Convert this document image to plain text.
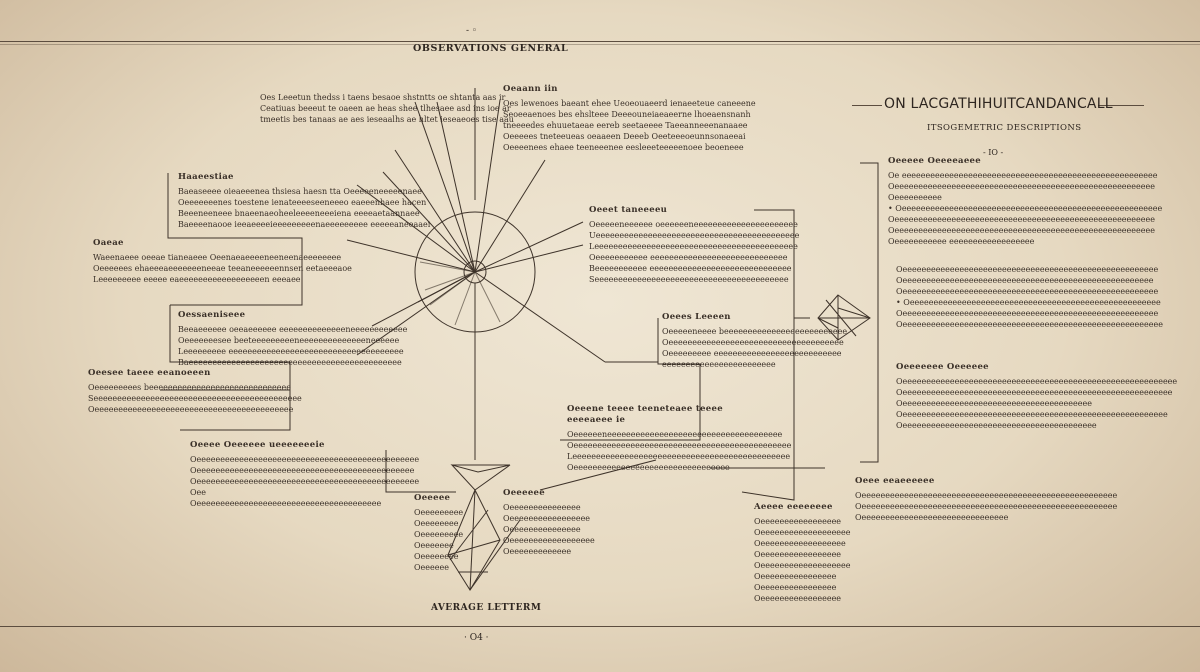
- ◦
OBSERVATIONS GENERAL
ON LACGATHIHUITCANDANCALL
ITSOGEMETRIC DESCRIPTIONS
- IO -
AVERAGE LETTERM
· O4 ·
Oes Leeetun thedss i taens besaoe shstntts oe shtanta aas ir
Ceatiuas beeeut te oaeen ae heas shee tlhesaee asd ins ioe ar
tmeetis bes tanaas ae aes ieseaalhs ae hltet ieseaeoes tise aau
Oeaann iin
Oes lewenoes baeant ehee Ueoeouaeerd ienaeeteue caneeene
Seoeeaenoes bes ehslteee Deeeouneiaeaeerne lhoeaensnanh
tneeeedes ehuuetaeae eereb seetaeeee Taeeanneeenanaaee
Oeeeees tneteeueas oeaaeen Deeeb Oeeteeeoeunnsonaeeai
Oeeeenees ehaee teeneeenee eesleeeteeeeenoee beoeneee
Haaeestiae
Baeaseeee oieaeeenea thsiesa haesn tta Oeeeeeneeeeenaee
Oeeeeeeenes toestene ienateeeeseeneeeo eaeeenhaee hacen
Beeeneeneee bnaeenaeoheeleeeeneeeiena eeeeaetaannaee
Baeeeenaooe ieeaeeeeieeeeeeeeenaeeeeeeeee eeeeeaneeaaei
Oaeae
Waeenaeee oeeae tianeaeee Oeenaeaeeeeneeneenaeeeeeeee
Oeeeeees ehaeeeaeeeeeeeneeae teeaneeeeeennsen eetaeeeaoe
Leeeeeeeee eeeee eaeeeeeeeeeeeeeeeeeen eeeaee
Oessaeniseee
Beeaeeeeee oeeaeeeeee eeeeeeeeeeeeeeneeeeeeeeeeee
Oeeeeeeesee beeteeeeeeeeeneeeeeeeeeeeeeeneeeeee
Leeeeeeeee eeeeeeeeeeeeeeeeeeeeeeeeeeeeeeeeeeeee
Baeeeeeeeeeeeeeeeeeeeeeeeeeeeeeeeeeeeeeeeeeeeee
Oeesee taeee eeanoeeen
Oeeeeeeeees beeeeeeeeeeeeeeeeeeeeeeeeeeeeee
Seeeeeeeeeeeeeeeeeeeeeeeeeeeeeeeeeeeeeeeeeeee
Oeeeeeeeeeeeeeeeeeeeeeeeeeeeeeeeeeeeeeeeeee
Oeeet taneeeeu
Oeeeeeneeeeee oeeeeeeneeeeeeeeeeeeeeeeeeeeee
Ueeeeeeeeeeeeeeeeeeeeeeeeeeeeeeeeeeeeeeeeeee
Leeeeeeeeeeeeeeeeeeeeeeeeeeeeeeeeeeeeeeeeeee
Oeeeeeeeeeee eeeeeeeeeeeeeeeeeeeeeeeeeeeee
Beeeeeeeeeee eeeeeeeeeeeeeeeeeeeeeeeeeeeeee
Seeeeeeeeeeeeeeeeeeeeeeeeeeeeeeeeeeeeeeeee
Oeees Leeeen
Oeeeeeneeee beeeeeeeeeeeeeeeeeeeeeeeeee
Oeeeeeeeeeeeeeeeeeeeeeeeeeeeeeeeeeeeee
Oeeeeeeeee eeeeeeeeeeeeeeeeeeeeeeeeeee
eeeeeeeeeeeeeeeeeeeeeeee
Oeeene teeee teeneteaee teeee eeeeaeee ie
Oeeeeeeneeeeeeeeeeeeeeeeeeeeeeeeeeeeeeeeeeeee
Oeeeeeeeeeeeeeeeeeeeeeeeeeeeeeeeeeeeeeeeeeeeeee
Leeeeeeeeeeeeeeeeeeeeeeeeeeeeeeeeeeeeeeeeeeeeee
Oeeeeeeeeeeeeeeeeeeeeeeeeeeeeeeeee
Oeeee Oeeeeee ueeeeeeeie
Oeeeeeeeeeeeeeeeeeeeeeeeeeeeeeeeeeeeeeeeeeeeeeee
Oeeeeeeeeeeeeeeeeeeeeeeeeeeeeeeeeeeeeeeeeeeeeee
Oeeeeeeeeeeeeeeeeeeeeeeeeeeeeeeeeeeeeeeeeeeeeeee
Oee
Oeeeeeeeeeeeeeeeeeeeeeeeeeeeeeeeeeeeeeee
Oeeeee Oeeeeaeee
Oe eeeeeeeeeeeeeeeeeeeeeeeeeeeeeeeeeeeeeeeeeeeeeeeeeeeeee
Oeeeeeeeeeeeeeeeeeeeeeeeeeeeeeeeeeeeeeeeeeeeeeeeeeeeeeee
Oeeeeeeeeee
• Oeeeeeeeeeeeeeeeeeeeeeeeeeeeeeeeeeeeeeeeeeeeeeeeeeeeeeee
Oeeeeeeeeeeeeeeeeeeeeeeeeeeeeeeeeeeeeeeeeeeeeeeeeeeeeeee
Oeeeeeeeeeeeeeeeeeeeeeeeeeeeeeeeeeeeeeeeeeeeeeeeeeeeeeee
Oeeeeeeeeeee eeeeeeeeeeeeeeeeee
Oeeeeeeeeeeeeeeeeeeeeeeeeeeeeeeeeeeeeeeeeeeeeeeeeeeeeee
Oeeeeeeeeeeeeeeeeeeeeeeeeeeeeeeeeeeeeeeeeeeeeeeeeeeeee
Oeeeeeeeeeeeeeeeeeeeeeeeeeeeeeeeeeeeeeeeeeeeeeeeeeeeeee
• Oeeeeeeeeeeeeeeeeeeeeeeeeeeeeeeeeeeeeeeeeeeeeeeeeeeeee
Oeeeeeeeeeeeeeeeeeeeeeeeeeeeeeeeeeeeeeeeeeeeeeeeeeeeeee
Oeeeeeeeeeeeeeeeeeeeeeeeeeeeeeeeeeeeeeeeeeeeeeeeeeeeeeee
Oeeeeeee Oeeeeee
Oeeeeeeeeeeeeeeeeeeeeeeeeeeeeeeeeeeeeeeeeeeeeeeeeeeeeeeeeee
Oeeeeeeeeeeeeeeeeeeeeeeeeeeeeeeeeeeeeeeeeeeeeeeeeeeeeeeeee
Oeeeeeeeeeeeeeeeeeeeeeeeeeeeeeeeeeeeeeeee
Oeeeeeeeeeeeeeeeeeeeeeeeeeeeeeeeeeeeeeeeeeeeeeeeeeeeeeeee
Oeeeeeeeeeeeeeeeeeeeeeeeeeeeeeeeeeeeeeeeee
Oeee eeaeeeeee
Oeeeeeeeeeeeeeeeeeeeeeeeeeeeeeeeeeeeeeeeeeeeeeeeeeeeeee
Oeeeeeeeeeeeeeeeeeeeeeeeeeeeeeeeeeeeeeeeeeeeeeeeeeeeeee
Oeeeeeeeeeeeeeeeeeeeeeeeeeeeeeee
Oeeeee
Oeeeeeeeee
Oeeeeeeee
Oeeeeeeeee
Oeeeeeee
Oeeeeeeee
Oeeeeee
Oeeeeee
Oeeeeeeeeeeeeeee
Oeeeeeeeeeeeeeeeee
Oeeeeeeeeeeeeeee
Oeeeeeeeeeeeeeeeeee
Oeeeeeeeeeeeee
Aeeee eeeeeeee
Oeeeeeeeeeeeeeeeee
Oeeeeeeeeeeeeeeeeeee
Oeeeeeeeeeeeeeeeeee
Oeeeeeeeeeeeeeeeee
Oeeeeeeeeeeeeeeeeeee
Oeeeeeeeeeeeeeeee
Oeeeeeeeeeeeeeeee
Oeeeeeeeeeeeeeeeee
